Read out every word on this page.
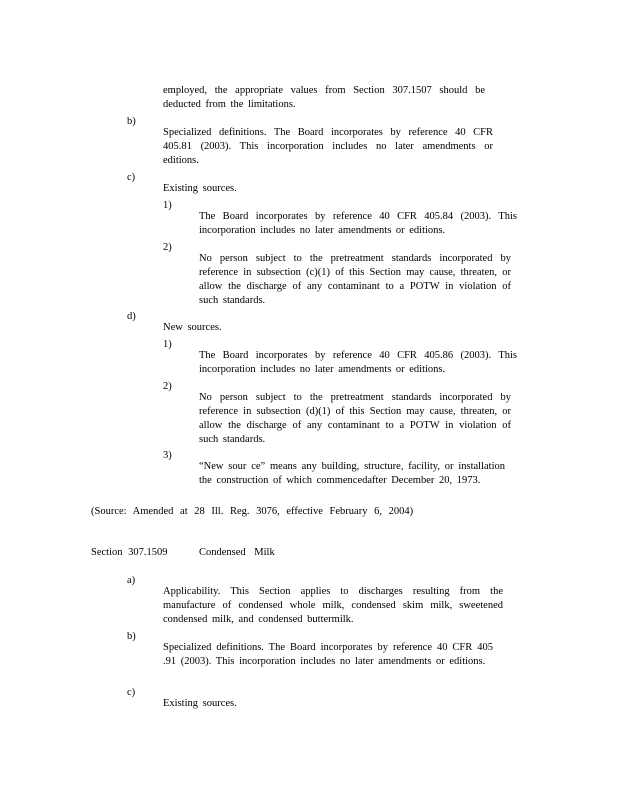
employed, the appropriate values from Section 307.1507 should be deducted from the limitations.

b)

Specialized definitions. The Board incorporates by reference 40 CFR 405.81 (2003). This incorporation includes no later amendments or editions.

c)

Existing sources.

1)

The Board incorporates by reference 40 CFR 405.84 (2003). This incorporation includes no later amendments or editions.

2)

No person subject to the pretreatment standards incorporated by reference in subsection (c)(1) of this Section may cause, threaten, or allow the discharge of any contaminant to a POTW in violation of such standards.

d)

New sources.

1)

The Board incorporates by reference 40 CFR 405.86 (2003). This incorporation includes no later amendments or editions.

2)

No person subject to the pretreatment standards incorporated by reference in subsection (d)(1) of this Section may cause, threaten, or allow the discharge of any contaminant to a POTW in violation of such standards.

3)

“New sour ce” means any building, structure, facility, or installation the construction of which commencedafter December 20, 1973.

(Source: Amended at 28 Ill. Reg. 3076, effective February 6, 2004)

Section 307.1509	Condensed Milk
a)

Applicability. This Section applies to discharges resulting from the manufacture of condensed whole milk, condensed skim milk, sweetened condensed milk, and condensed buttermilk.

b)

Specialized definitions. The Board incorporates by reference 40 CFR 405 .91 (2003). This incorporation includes no later amendments or editions.

c)

Existing sources.
